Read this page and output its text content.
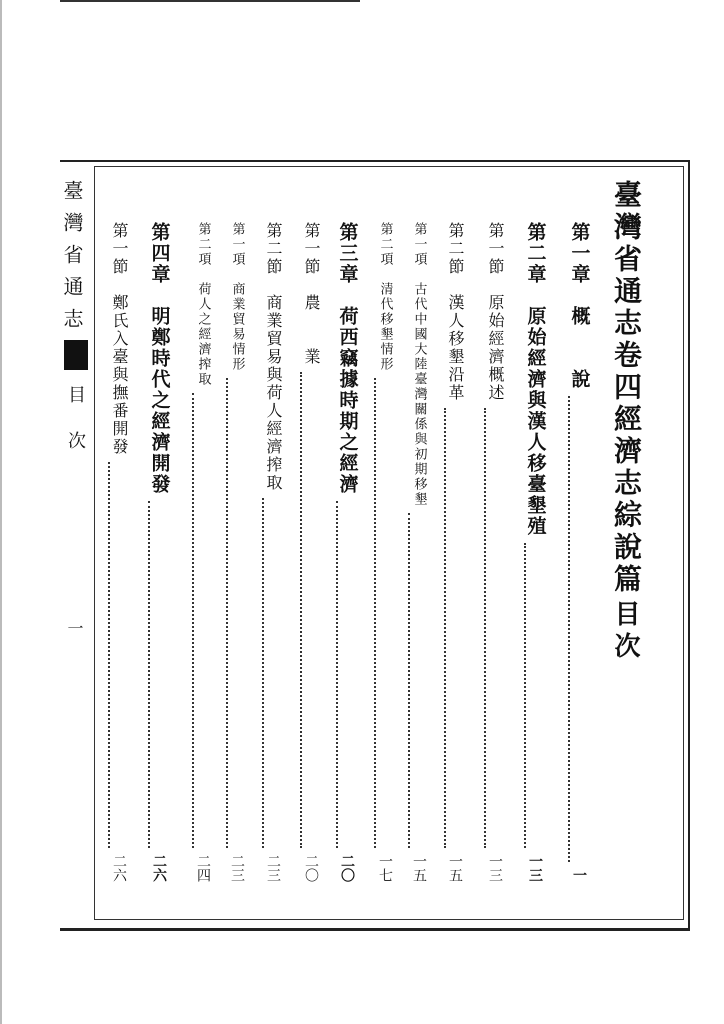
臺灣省通志
目次
一
臺灣省通志卷四經濟志綜說篇
目次
第一章　概　　說
一
第二章　原始經濟與漢人移臺墾殖
一三
第一節　原始經濟概述
一三
第二節　漢人移墾沿革
一五
第一項　古代中國大陸臺灣關係與初期移墾
一五
第二項　清代移墾情形
一七
第三章　荷西竊據時期之經濟
二〇
第一節　農　　業
二〇
第二節　商業貿易與荷人經濟搾取
二三
第一項　商業貿易情形
二三
第二項　荷人之經濟搾取
二四
第四章　明鄭時代之經濟開發
二六
第一節　鄭氏入臺與撫番開發
二六
